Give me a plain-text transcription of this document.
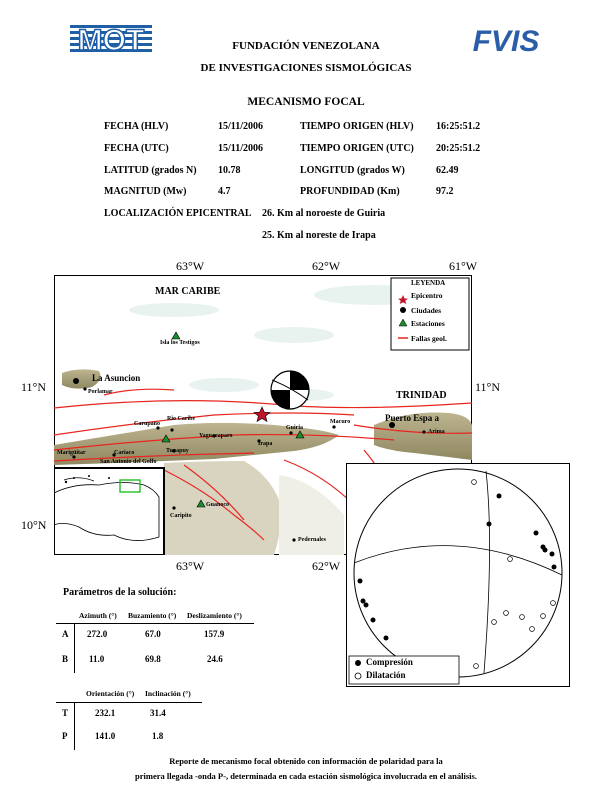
MOT	FVIS
FUNDACIÓN VENEZOLANA
DE INVESTIGACIONES SISMOLÓGICAS
MECANISMO FOCAL
FECHA (HLV)	15/11/2006	TIEMPO ORIGEN (HLV) 16:25:51.2
FECHA (UTC)	15/11/2006	TIEMPO ORIGEN (UTC) 20:25:51.2
LATITUD (grados N) 10.78	LONGITUD (grados W)	62.49
MAGNITUD (Mw)	4.7	PROFUNDIDAD (Km)	97.2
LOCALIZACIÓN EPICENTRAL 26. Km al noroeste de Guiria
25. Km al noreste de Irapa
63°W	62°W	61°W
11°N	11°N
10°N
63°W	62°W
MAR CARIBE
TRINIDAD
LEYENDA
Epicentro
Ciudades
Estaciones
Fallas geol.
La Asuncion
Porlamar
Isla los Testigos
Rio Caribe
Carupano
Yaguaraparo
Irapa
Guiria
Macuro	Puerto Espa a
Arima
Cariaco	Tunapuy
Marigüitar
San Antonio del Golfo
Guanoco
Caripito
Pedernales
Compresión
Dilatación
Parámetros de la solución:
Azimuth (°) Buzamiento (°) Deslizamiento (°)
A 272.0	67.0	157.9
B 11.0	69.8	24.6
Orientación (°) Inclinación (°)
T	232.1	31.4
P	141.0	1.8
Reporte de mecanismo focal obtenido con información de polaridad para la
primera llegada -onda P-, determinada en cada estación sismológica involucrada en el análisis.
